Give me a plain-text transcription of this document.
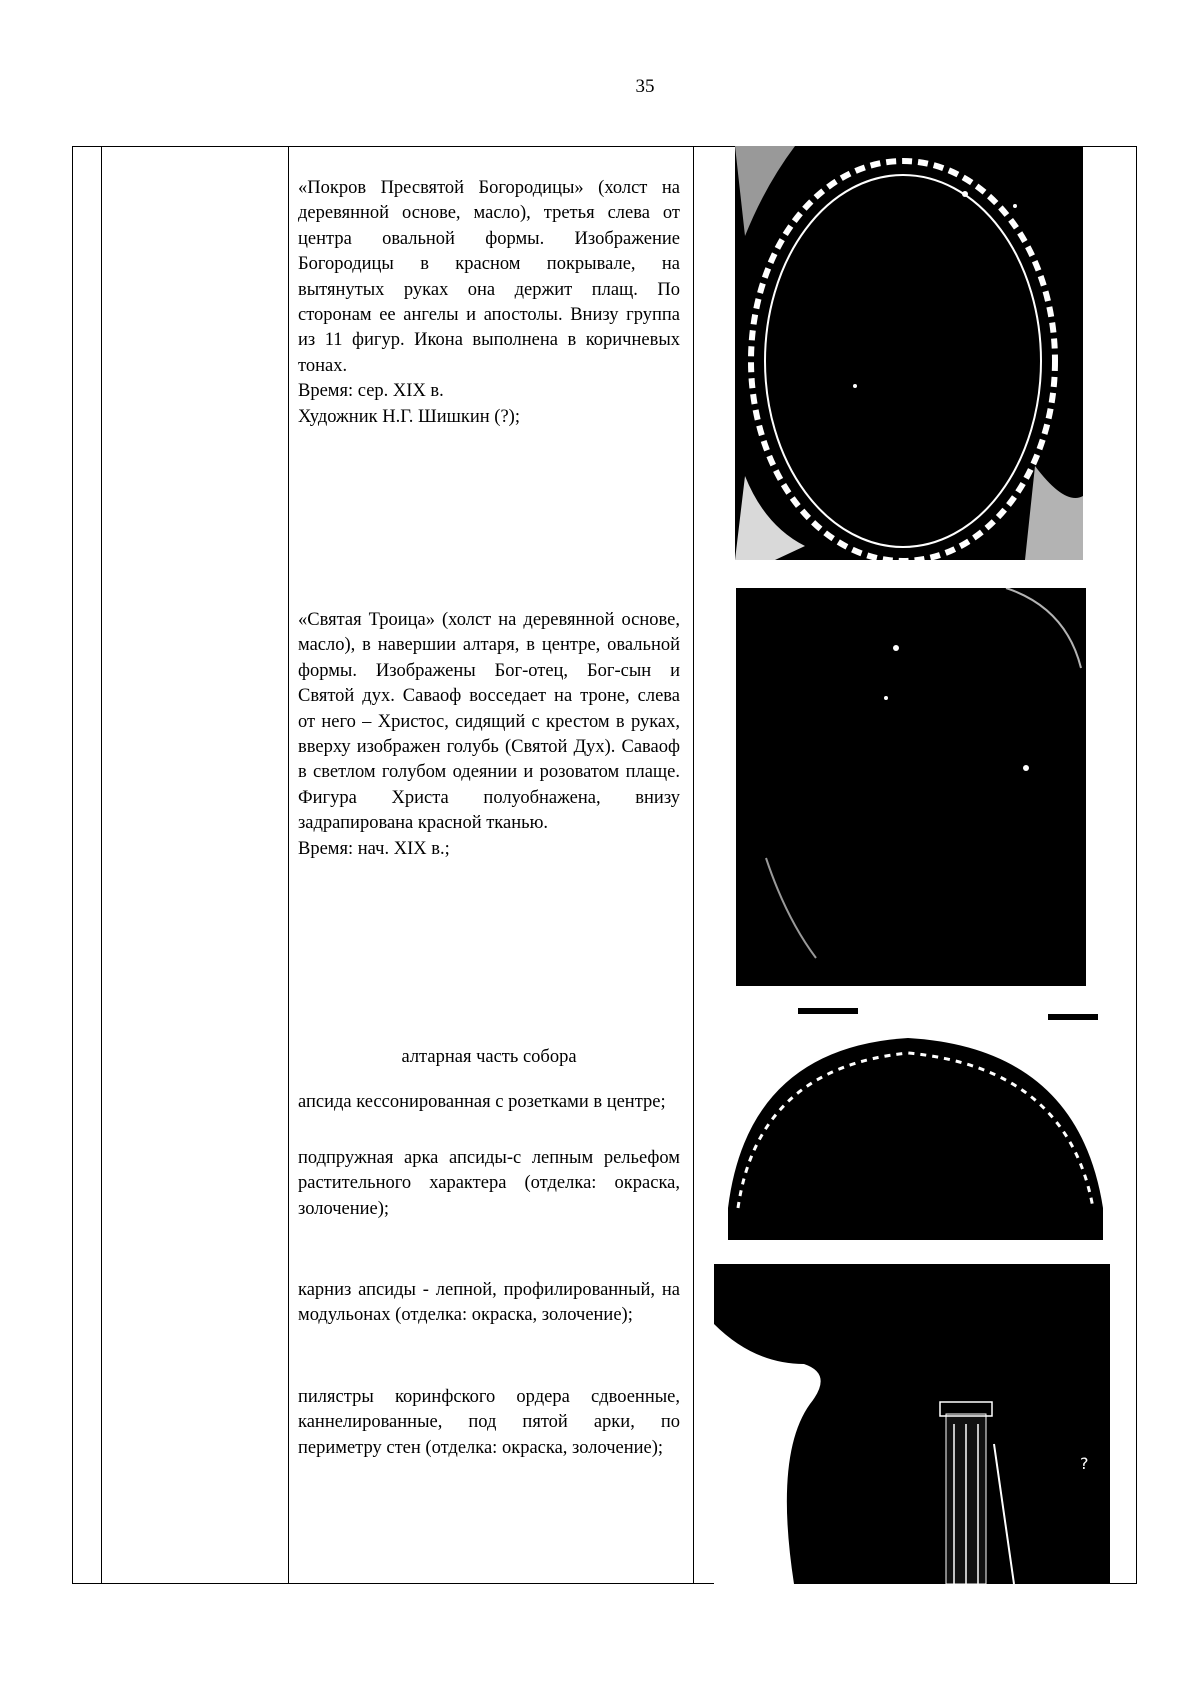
35

«Покров Пресвятой Богородицы» (холст на деревянной основе, масло), третья слева от центра овальной формы. Изображение Богородицы в красном покрывале, на вытянутых руках она держит плащ. По сторонам ее ангелы и апостолы. Внизу группа из 11 фигур. Икона выполнена в коричневых тонах.

Время: сер. XIX в.

Художник Н.Г. Шишкин (?);

«Святая Троица» (холст на деревянной основе, масло), в навершии алтаря, в центре, овальной формы. Изображены Бог-отец, Бог-сын и Святой дух. Саваоф восседает на троне, слева от него – Христос, сидящий с крестом в руках, вверху изображен голубь (Святой Дух). Саваоф в светлом голубом одеянии и розоватом плаще. Фигура Христа полуобнажена, внизу задрапирована красной тканью.

Время: нач. XIX в.;

алтарная часть собора

апсида кессонированная с розетками в центре;

подпружная арка апсиды-с лепным рельефом растительного характера (отделка: окраска, золочение);

карниз апсиды - лепной, профилированный, на модульонах (отделка: окраска, золочение);

пилястры коринфского ордера сдвоенные, каннелированные, под пятой арки, по периметру стен (отделка: окраска, золочение);

?
